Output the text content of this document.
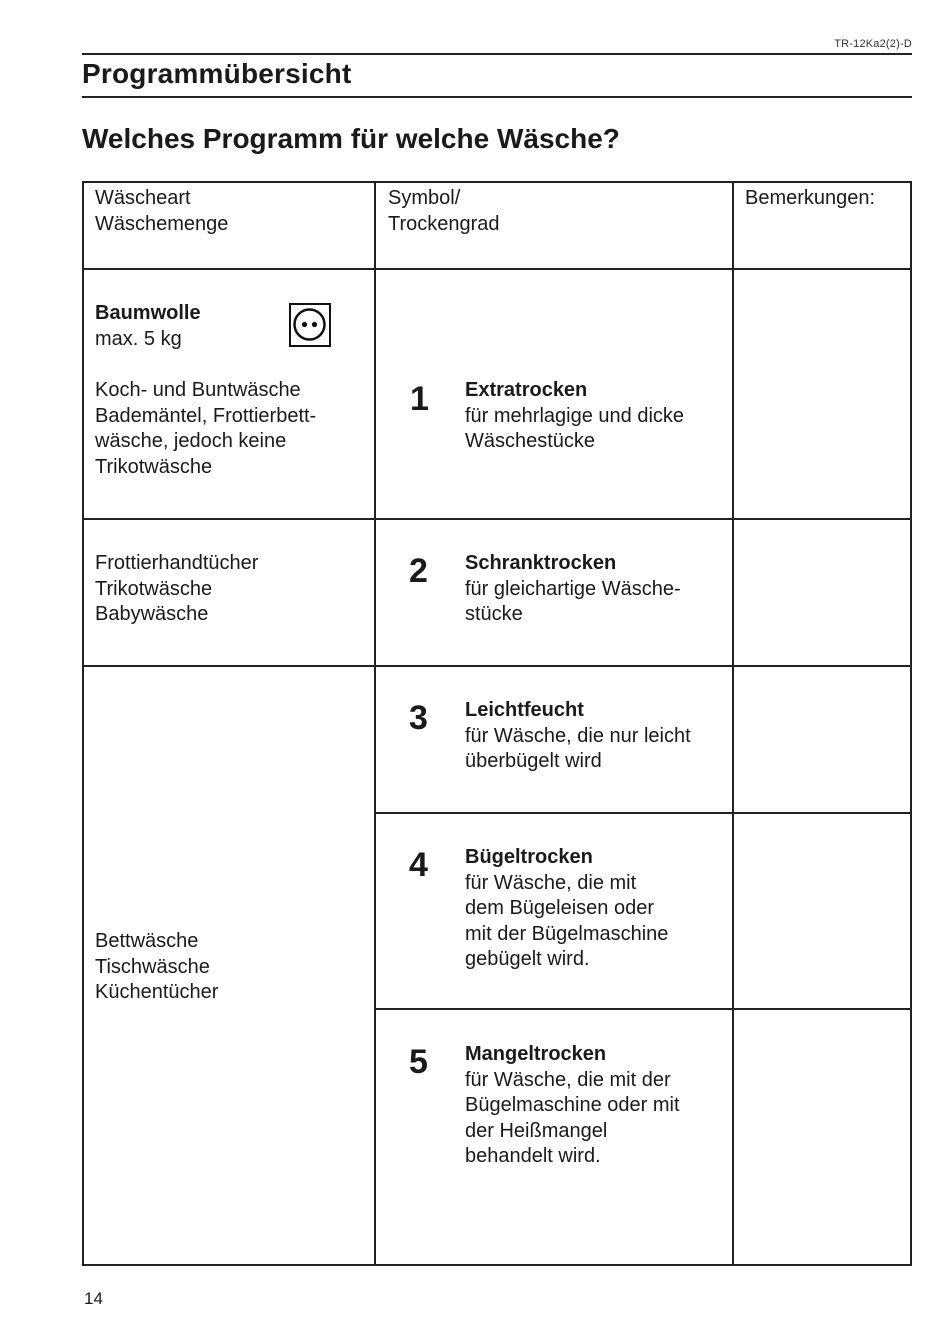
TR-12Ka2(2)-D
Programmübersicht
Welches Programm für welche Wäsche?
Wäscheart
Wäschemenge
Symbol/
Trockengrad
Bemerkungen:
Baumwolle
max. 5 kg
Koch- und Buntwäsche
Bademäntel, Frottierbett-
wäsche, jedoch keine
Trikotwäsche
Frottierhandtücher
Trikotwäsche
Babywäsche
Bettwäsche
Tischwäsche
Küchentücher
1 Extratrocken
für mehrlagige und dicke
Wäschestücke
2 Schranktrocken
für gleichartige Wäsche-
stücke
3 Leichtfeucht
für Wäsche, die nur leicht
überbügelt wird
4 Bügeltrocken
für Wäsche, die mit
dem Bügeleisen oder
mit der Bügelmaschine
gebügelt wird.
5 Mangeltrocken
für Wäsche, die mit der
Bügelmaschine oder mit
der Heißmangel
behandelt wird.
14
